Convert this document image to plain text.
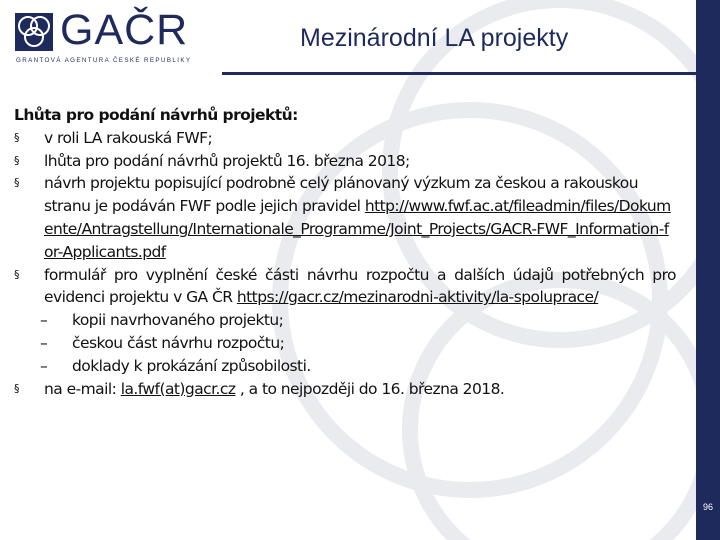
96
GAČR
GRANTOVÁ AGENTURA ČESKÉ REPUBLIKY
Mezinárodní LA projekty
Lhůta pro podání návrhů projektů:
§ v roli LA rakouská FWF;
§ lhůta pro podání návrhů projektů 16. března 2018;
§ návrh projektu popisující podrobně celý plánovaný výzkum za českou a rakouskou stranu je podáván FWF podle jejich pravidel http://www.fwf.ac.at/fileadmin/files/Dokumente/Antragstellung/Internationale_Programme/Joint_Projects/GACR-FWF_Information-for-Applicants.pdf
§ formulář pro vyplnění české části návrhu rozpočtu a dalších údajů potřebných pro evidenci projektu v GA ČR https://gacr.cz/mezinarodni-aktivity/la-spoluprace/
– kopii navrhovaného projektu;
– českou část návrhu rozpočtu;
– doklady k prokázání způsobilosti.
§ na e-mail: la.fwf(at)gacr.cz , a to nejpozději do 16. března 2018.
